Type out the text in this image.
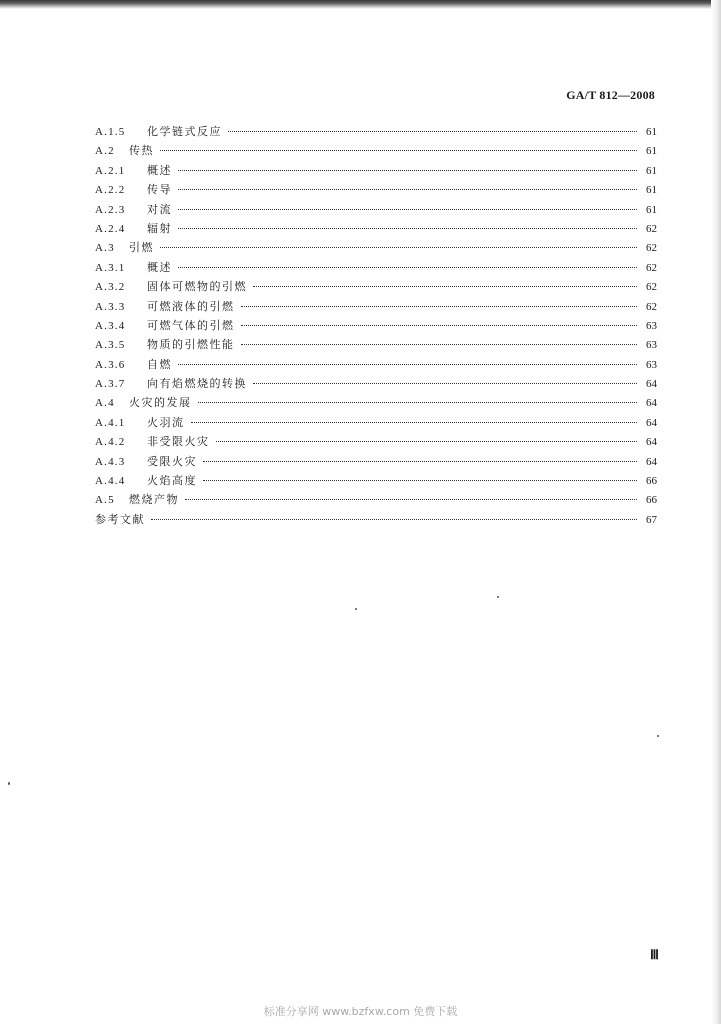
GA/T 812—2008
A.1.5	化学链式反应	61
A.2	传热	61
A.2.1	概述	61
A.2.2	传导	61
A.2.3	对流	61
A.2.4	辐射	62
A.3	引燃	62
A.3.1	概述	62
A.3.2	固体可燃物的引燃	62
A.3.3	可燃液体的引燃	62
A.3.4	可燃气体的引燃	63
A.3.5	物质的引燃性能	63
A.3.6	自燃	63
A.3.7	向有焰燃烧的转换	64
A.4	火灾的发展	64
A.4.1	火羽流	64
A.4.2	非受限火灾	64
A.4.3	受限火灾	64
A.4.4	火焰高度	66
A.5	燃烧产物	66
参考文献	67
Ⅲ
标准分享网 www.bzfxw.com 免费下载
